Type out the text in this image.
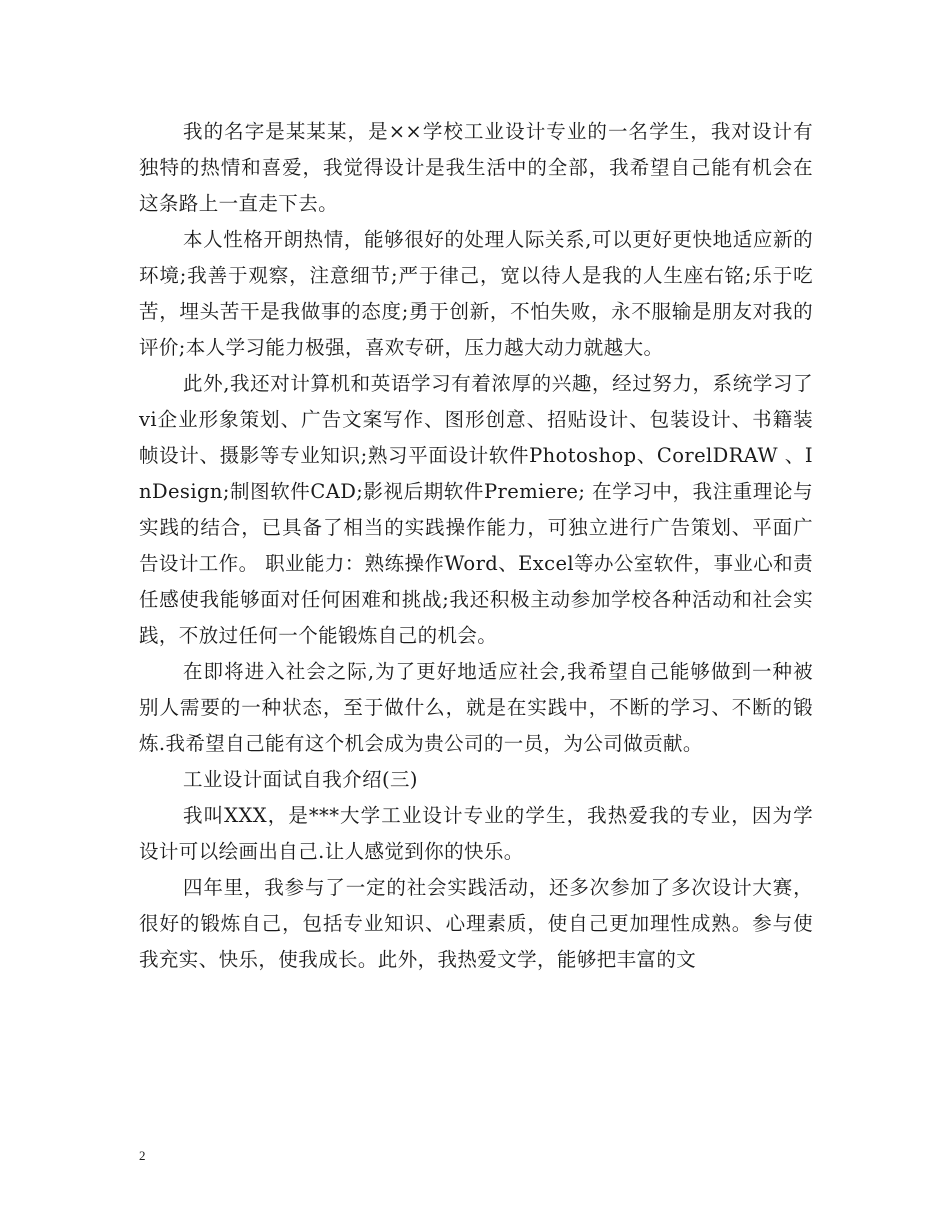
我的名字是某某某，是××学校工业设计专业的一名学生，我对设计有独特的热情和喜爱，我觉得设计是我生活中的全部，我希望自己能有机会在这条路上一直走下去。

本人性格开朗热情，能够很好的处理人际关系,可以更好更快地适应新的环境;我善于观察，注意细节;严于律己，宽以待人是我的人生座右铭;乐于吃苦，埋头苦干是我做事的态度;勇于创新，不怕失败，永不服输是朋友对我的评价;本人学习能力极强，喜欢专研，压力越大动力就越大。

此外,我还对计算机和英语学习有着浓厚的兴趣，经过努力，系统学习了vi企业形象策划、广告文案写作、图形创意、招贴设计、包装设计、书籍装帧设计、摄影等专业知识;熟习平面设计软件Photoshop、CorelDRAW 、InDesign;制图软件CAD;影视后期软件Premiere; 在学习中，我注重理论与实践的结合，已具备了相当的实践操作能力，可独立进行广告策划、平面广告设计工作。 职业能力：熟练操作Word、Excel等办公室软件，事业心和责任感使我能够面对任何困难和挑战;我还积极主动参加学校各种活动和社会实践，不放过任何一个能锻炼自己的机会。

在即将进入社会之际,为了更好地适应社会,我希望自己能够做到一种被别人需要的一种状态，至于做什么，就是在实践中，不断的学习、不断的锻炼.我希望自己能有这个机会成为贵公司的一员，为公司做贡献。

工业设计面试自我介绍(三)

我叫XXX，是***大学工业设计专业的学生，我热爱我的专业，因为学设计可以绘画出自己.让人感觉到你的快乐。

四年里，我参与了一定的社会实践活动，还多次参加了多次设计大赛，很好的锻炼自己，包括专业知识、心理素质，使自己更加理性成熟。参与使我充实、快乐，使我成长。此外，我热爱文学，能够把丰富的文

2
